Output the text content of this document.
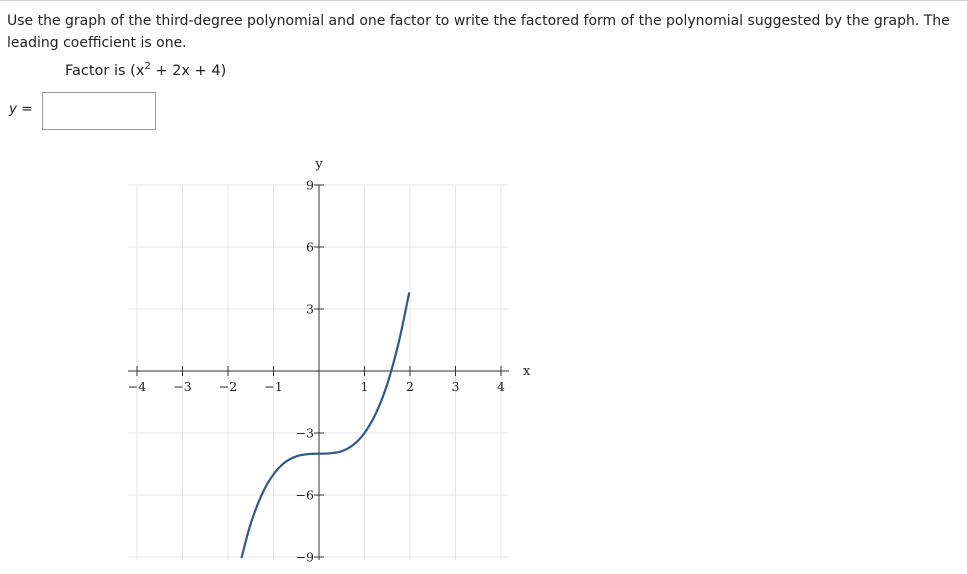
Use the graph of the third-degree polynomial and one factor to write the factored form of the polynomial suggested by the graph. The leading coefficient is one.
Factor is $(x^2 + 2x + 4)$
y =
−4 −3 −2 −1	1	2	3	4
−9
−6
−3
3
6
9
x
y
